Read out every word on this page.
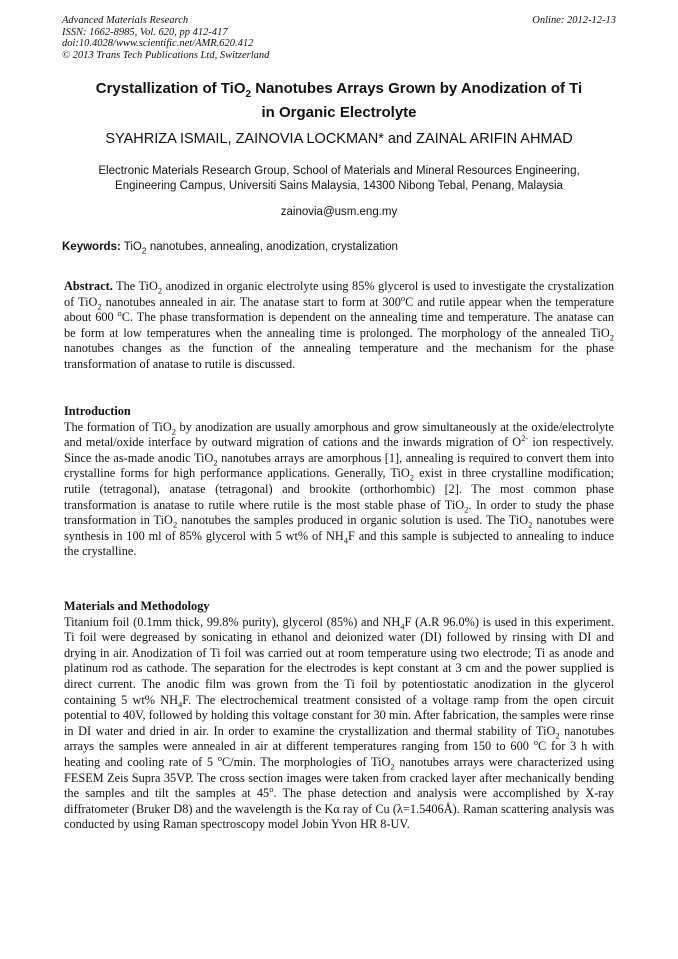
Advanced Materials Research
ISSN: 1662-8985, Vol. 620, pp 412-417
doi:10.4028/www.scientific.net/AMR.620.412
© 2013 Trans Tech Publications Ltd, Switzerland
Online: 2012-12-13
Crystallization of TiO$_2$ Nanotubes Arrays Grown by Anodization of Ti
in Organic Electrolyte
SYAHRIZA ISMAIL, ZAINOVIA LOCKMAN* and ZAINAL ARIFIN AHMAD
Electronic Materials Research Group, School of Materials and Mineral Resources Engineering,
Engineering Campus, Universiti Sains Malaysia, 14300 Nibong Tebal, Penang, Malaysia
zainovia@usm.eng.my
Keywords: TiO$_2$ nanotubes, annealing, anodization, crystalization
Abstract. The TiO$_2$ anodized in organic electrolyte using 85% glycerol is used to investigate the crystalization of TiO$_2$ nanotubes annealed in air. The anatase start to form at 300$^o$C and rutile appear when the temperature about 600 $^o$C. The phase transformation is dependent on the annealing time and temperature. The anatase can be form at low temperatures when the annealing time is prolonged. The morphology of the annealed TiO$_2$ nanotubes changes as the function of the annealing temperature and the mechanism for the phase transformation of anatase to rutile is discussed.
Introduction
The formation of TiO$_2$ by anodization are usually amorphous and grow simultaneously at the oxide/electrolyte and metal/oxide interface by outward migration of cations and the inwards migration of $O^{2-}$ ion respectively. Since the as-made anodic TiO$_2$ nanotubes arrays are amorphous [1], annealing is required to convert them into crystalline forms for high performance applications. Generally, TiO$_2$ exist in three crystalline modification; rutile (tetragonal), anatase (tetragonal) and brookite (orthorhombic) [2]. The most common phase transformation is anatase to rutile where rutile is the most stable phase of TiO$_2$. In order to study the phase transformation in TiO$_2$ nanotubes the samples produced in organic solution is used. The TiO$_2$ nanotubes were synthesis in 100 ml of 85% glycerol with 5 wt% of $NH_4F$ and this sample is subjected to annealing to induce the crystalline.
Materials and Methodology
Titanium foil (0.1mm thick, 99.8% purity), glycerol (85%) and $NH_4F$ (A.R 96.0%) is used in this experiment. Ti foil were degreased by sonicating in ethanol and deionized water (DI) followed by rinsing with DI and drying in air. Anodization of Ti foil was carried out at room temperature using two electrode; Ti as anode and platinum rod as cathode. The separation for the electrodes is kept constant at 3 cm and the power supplied is direct current. The anodic film was grown from the Ti foil by potentiostatic anodization in the glycerol containing 5 wt% $NH_4F$. The electrochemical treatment consisted of a voltage ramp from the open circuit potential to 40V, followed by holding this voltage constant for 30 min. After fabrication, the samples were rinse in DI water and dried in air. In order to examine the crystallization and thermal stability of TiO$_2$ nanotubes arrays the samples were annealed in air at different temperatures ranging from 150 to 600 $^o$C for 3 h with heating and cooling rate of 5 $^o$C/min. The morphologies of TiO$_2$ nanotubes arrays were characterized using FESEM Zeis Supra 35VP. The cross section images were taken from cracked layer after mechanically bending the samples and tilt the samples at 45$^o$. The phase detection and analysis were accomplished by X-ray diffratometer (Bruker D8) and the wavelength is the Kα ray of Cu (λ=1.5406Å). Raman scattering analysis was conducted by using Raman spectroscopy model Jobin Yvon HR 8-UV.
